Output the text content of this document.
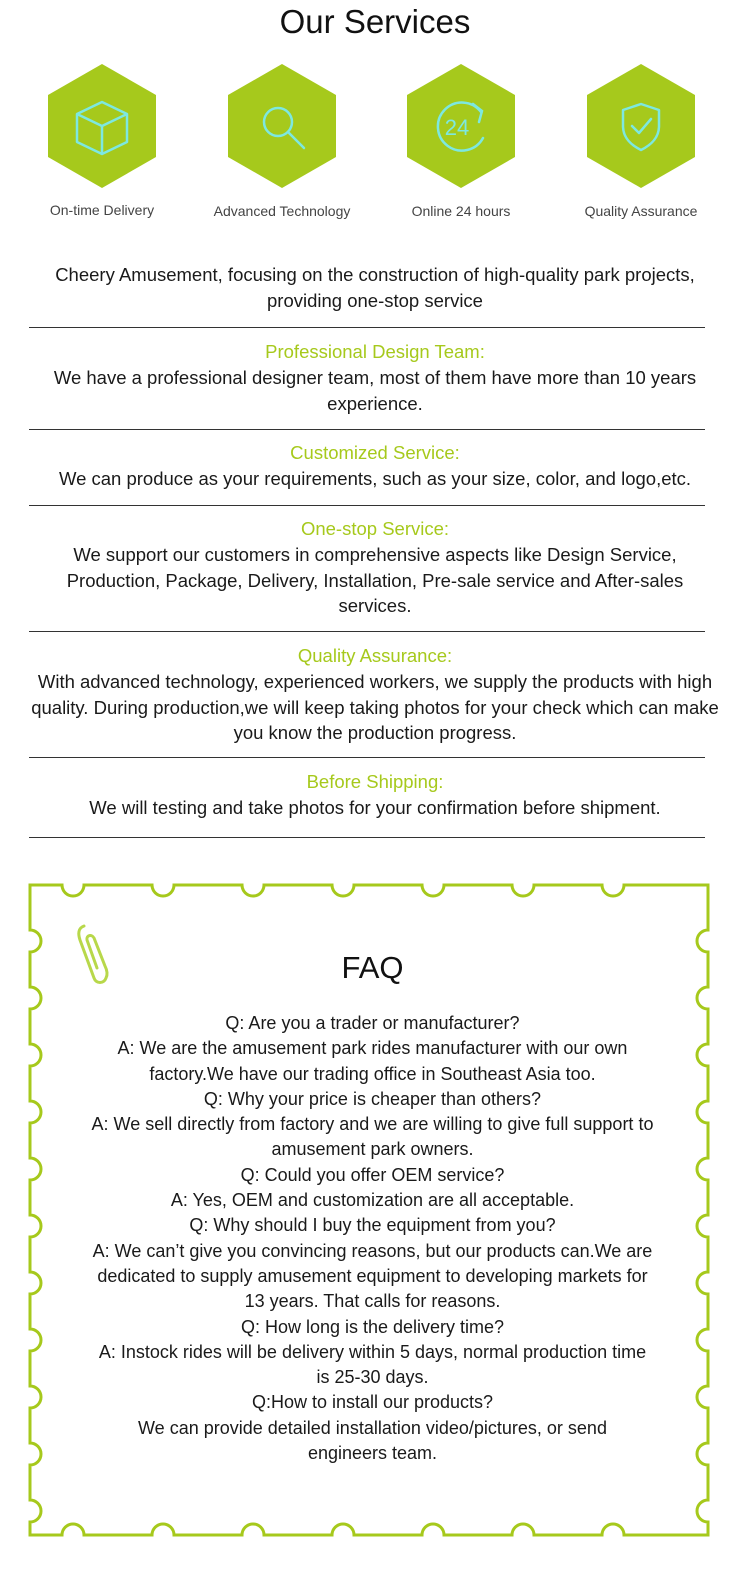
Our Services
On-time Delivery	Advanced Technology
24
Online 24 hours	Quality Assurance
Cheery Amusement, focusing on the construction of high-quality park projects, providing one-stop service
Professional Design Team:
We have a professional designer team, most of them have more than 10 years experience.
Customized Service:
We can produce as your requirements, such as your size, color, and logo,etc.
One-stop Service:
We support our customers in comprehensive aspects like Design Service, Production, Package, Delivery, Installation, Pre-sale service and After-sales services.
Quality Assurance:
With advanced technology, experienced workers, we supply the products with high quality. During production,we will keep taking photos for your check which can make you know the production progress.
Before Shipping:
We will testing and take photos for your confirmation before shipment.
FAQ
Q: Are you a trader or manufacturer?
A: We are the amusement park rides manufacturer with our own factory.We have our trading office in Southeast Asia too.
Q: Why your price is cheaper than others?
A: We sell directly from factory and we are willing to give full support to amusement park owners.
Q: Could you offer OEM service?
A: Yes, OEM and customization are all acceptable.
Q: Why should I buy the equipment from you?
A: We can’t give you convincing reasons, but our products can.We are dedicated to supply amusement equipment to developing markets for 13 years. That calls for reasons.
Q: How long is the delivery time?
A: Instock rides will be delivery within 5 days, normal production time is 25-30 days.
Q:How to install our products?
We can provide detailed installation video/pictures, or send engineers team.
